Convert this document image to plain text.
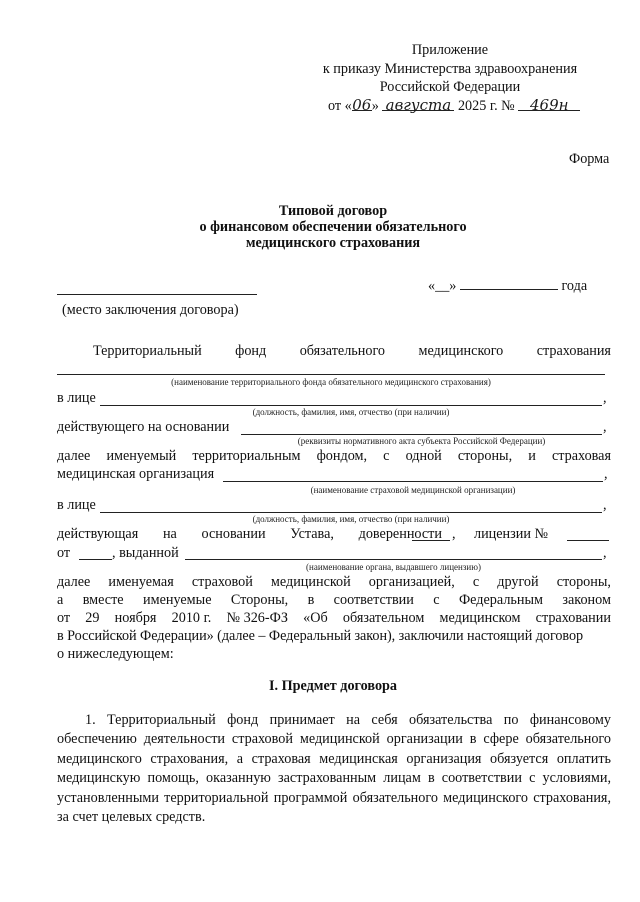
Приложение
к приказу Министерства здравоохранения
Российской Федерации
от «06» августа 2025 г. № 469н
Форма
Типовой договор
о финансовом обеспечении обязательного
медицинского страхования
«__»	года
(место заключения договора)
Территориальный фонд обязательного медицинского страхования
(наименование территориального фонда обязательного медицинского страхования)
в лице	,
(должность, фамилия, имя, отчество (при наличии)
действующего на основании	,
(реквизиты нормативного акта субъекта Российской Федерации)
далее именуемый территориальным фондом, с одной стороны, и страховая
медицинская организация	,
(наименование страховой медицинской организации)
в лице	,
(должность, фамилия, имя, отчество (при наличии)
действующая на основании Устава, доверенности , лицензии №
от	, выданной	,
(наименование органа, выдавшего лицензию)
далее именуемая страховой медицинской организацией, с другой стороны,
а вместе именуемые Стороны, в соответствии с Федеральным законом
от 29 ноября 2010 г. № 326-ФЗ «Об обязательном медицинском страховании
в Российской Федерации» (далее – Федеральный закон), заключили настоящий договор
о нижеследующем:
I. Предмет договора
1. Территориальный фонд принимает на себя обязательства по финансовому обеспечению деятельности страховой медицинской организации в сфере обязательного медицинского страхования, а страховая медицинская организация обязуется оплатить медицинскую помощь, оказанную застрахованным лицам в соответствии с условиями, установленными территориальной программой обязательного медицинского страхования, за счет целевых средств.
